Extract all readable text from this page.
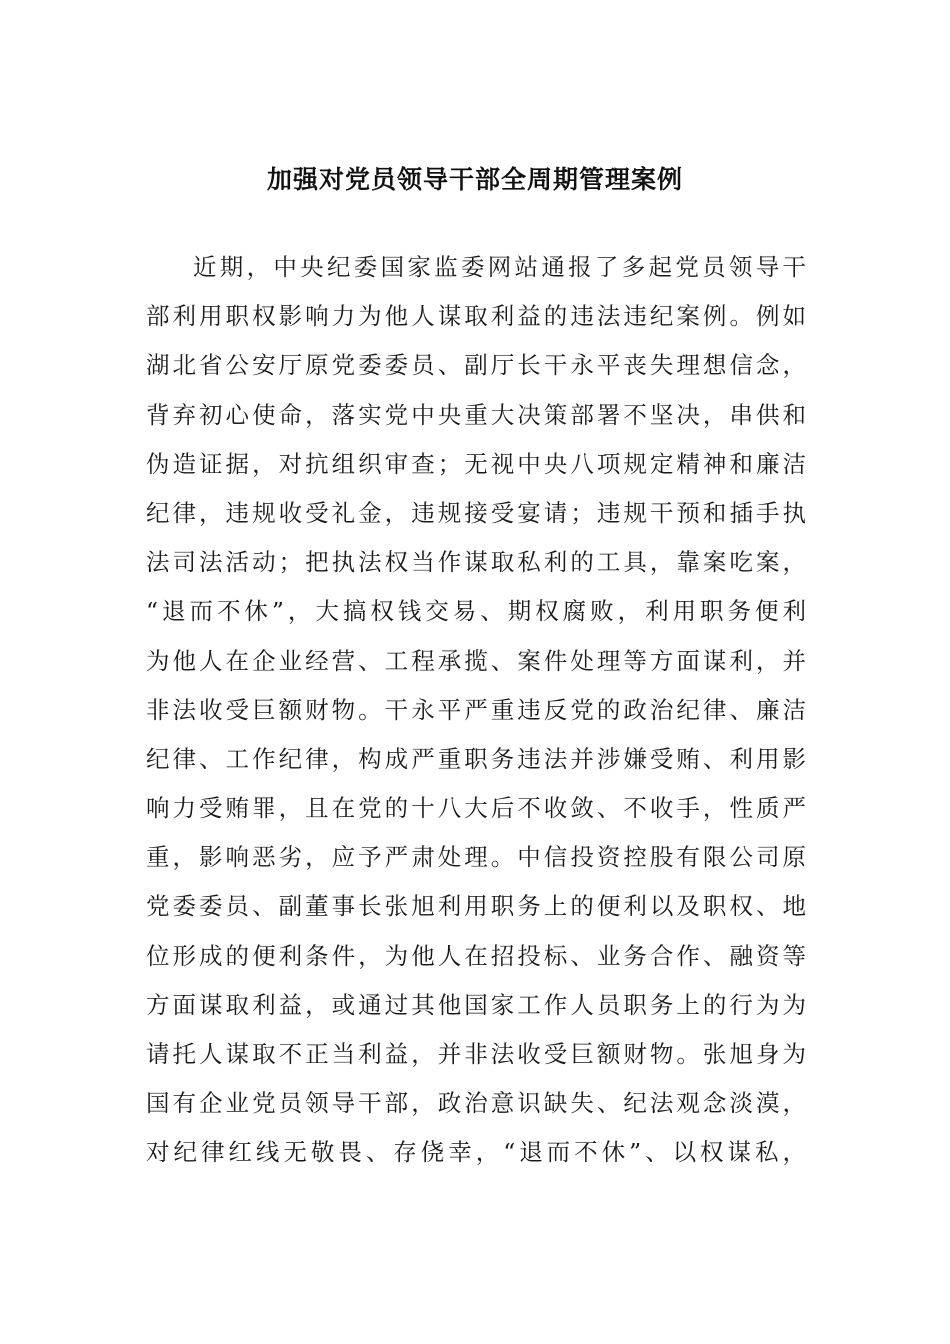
加强对党员领导干部全周期管理案例
近期，中央纪委国家监委网站通报了多起党员领导干
部利用职权影响力为他人谋取利益的违法违纪案例。例如
湖北省公安厅原党委委员、副厅长干永平丧失理想信念，
背弃初心使命，落实党中央重大决策部署不坚决，串供和
伪造证据，对抗组织审查；无视中央八项规定精神和廉洁
纪律，违规收受礼金，违规接受宴请；违规干预和插手执
法司法活动；把执法权当作谋取私利的工具，靠案吃案，
“退而不休”，大搞权钱交易、期权腐败，利用职务便利
为他人在企业经营、工程承揽、案件处理等方面谋利，并
非法收受巨额财物。干永平严重违反党的政治纪律、廉洁
纪律、工作纪律，构成严重职务违法并涉嫌受贿、利用影
响力受贿罪，且在党的十八大后不收敛、不收手，性质严
重，影响恶劣，应予严肃处理。中信投资控股有限公司原
党委委员、副董事长张旭利用职务上的便利以及职权、地
位形成的便利条件，为他人在招投标、业务合作、融资等
方面谋取利益，或通过其他国家工作人员职务上的行为为
请托人谋取不正当利益，并非法收受巨额财物。张旭身为
国有企业党员领导干部，政治意识缺失、纪法观念淡漠，
对纪律红线无敬畏、存侥幸，“退而不休”、以权谋私，
